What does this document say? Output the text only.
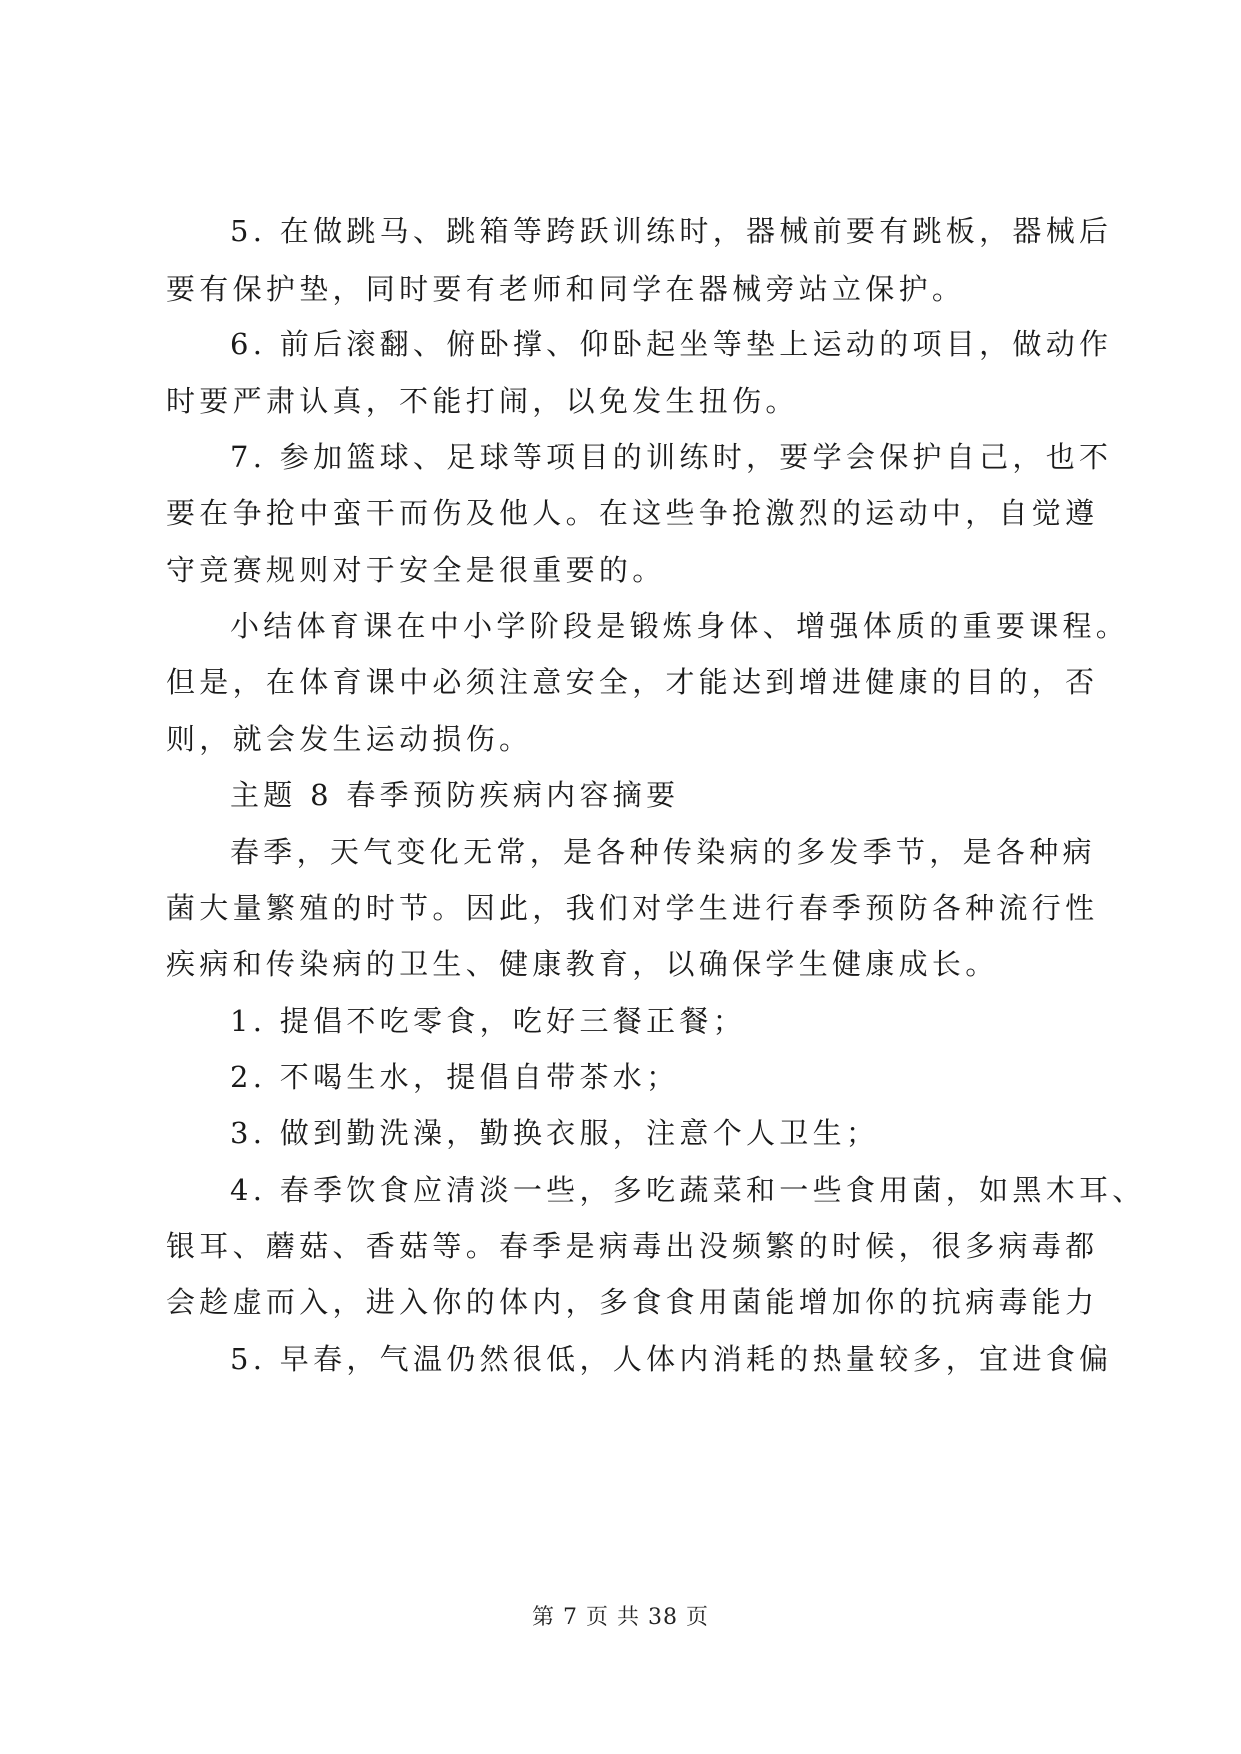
5. 在做跳马、跳箱等跨跃训练时，器械前要有跳板，器械后
要有保护垫，同时要有老师和同学在器械旁站立保护。
6. 前后滚翻、俯卧撑、仰卧起坐等垫上运动的项目，做动作
时要严肃认真，不能打闹，以免发生扭伤。
7. 参加篮球、足球等项目的训练时，要学会保护自己，也不
要在争抢中蛮干而伤及他人。在这些争抢激烈的运动中，自觉遵
守竞赛规则对于安全是很重要的。
小结体育课在中小学阶段是锻炼身体、增强体质的重要课程。
但是，在体育课中必须注意安全，才能达到增进健康的目的，否
则，就会发生运动损伤。
主题 8 春季预防疾病内容摘要
春季，天气变化无常，是各种传染病的多发季节，是各种病
菌大量繁殖的时节。因此，我们对学生进行春季预防各种流行性
疾病和传染病的卫生、健康教育，以确保学生健康成长。
1. 提倡不吃零食，吃好三餐正餐；
2. 不喝生水，提倡自带茶水；
3. 做到勤洗澡，勤换衣服，注意个人卫生；
4. 春季饮食应清淡一些，多吃蔬菜和一些食用菌，如黑木耳、
银耳、蘑菇、香菇等。春季是病毒出没频繁的时候，很多病毒都
会趁虚而入，进入你的体内，多食食用菌能增加你的抗病毒能力
5. 早春，气温仍然很低，人体内消耗的热量较多，宜进食偏
第 7 页 共 38 页
